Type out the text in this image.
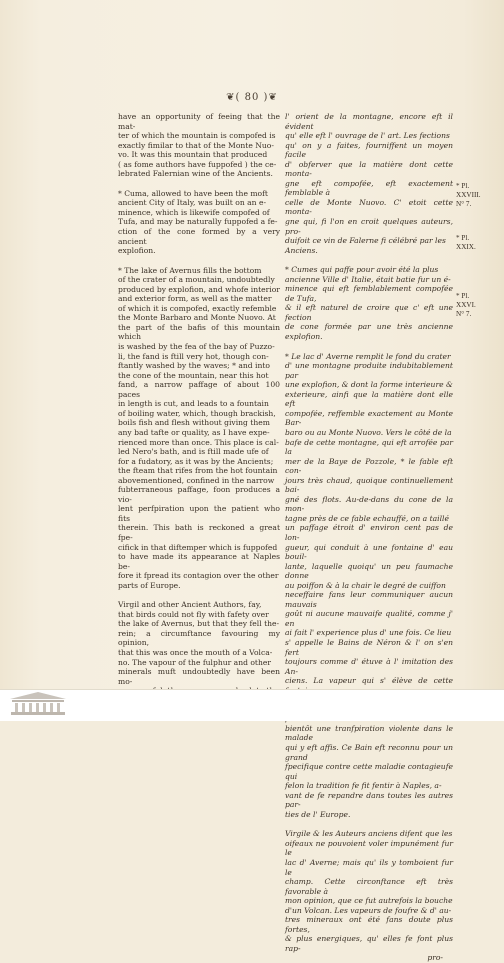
❦( 80 )❦

have an opportunity of feeing that the mat-

ter of which the mountain is compofed is

exactly fimilar to that of the Monte Nuo-

vo. It was this mountain that produced

( as fome authors have fuppofed ) the ce-

lebrated Falernian wine of the Ancients.

* Cuma, allowed to have been the moft

ancient City of Italy, was built on an e-

minence, which is likewife compofed of

Tufa, and may be naturally fuppofed a fe-

ction of the cone formed by a very ancient

explofion.

* The lake of Avernus fills the bottom

of the crater of a mountain, undoubtedly

produced by explofion, and whofe interior

and exterior form, as well as the matter

of which it is compofed, exactly refemble

the Monte Barbaro and Monte Nuovo. At

the part of the bafis of this mountain which

is washed by the fea of the bay of Puzzo-

li, the fand is ftill very hot, though con-

ftantly washed by the waves; * and into

the cone of the mountain, near this hot

fand, a narrow paffage of about 100 paces

in length is cut, and leads to a fountain

of boiling water, which, though brackish,

boils fish and flesh without giving them

any bad tafte or quality, as I have expe-

rienced more than once. This place is cal-

led Nero's bath, and is ftill made ufe of

for a fudatory, as it was by the Ancients;

the fteam that rifes from the hot fountain

abovementioned, confined in the narrow

fubterraneous paffage, foon produces a vio-

lent perfpiration upon the patient who fits

therein. This bath is reckoned a great fpe-

cifick in that diftemper which is fuppofed

to have made its appearance at Naples be-

fore it fpread its contagion over the other

parts of Europe.

Virgil and other Ancient Authors, fay,

that birds could not fly with fafety over

the lake of Avernus, but that they fell the-

rein; a circumftance favouring my opinion,

that this was once the mouth of a Volca-

no. The vapour of the fulphur and other

minerals muft undoubtedly have been mo-

l' orient de la montagne, encore eft il évident

qu' elle eft l' ouvrage de l' art. Les fections

qu' on y a faites, fourniffent un moyen facile

d' obferver que la matière dont cette monta-

gne eft compofée, eft exactement femblable à

celle de Monte Nuovo. C' etoit cette monta-

gne qui, fi l'on en croit quelques auteurs, pro-

duifoit ce vin de Falerne fi célébré par les

Anciens.

* Cumes qui paffe pour avoir été la plus

ancienne Ville d' Italie, était batie fur un é-

minence qui eft femblablement compofée de Tufa,

& il eft naturel de croire que c' eft une fection

de cone formée par une très ancienne explofion.

* Le lac d' Averne remplit le fond du crater

d' une montagne produite indubitablement par

une explofion, & dont la forme interieure &

exterieure, ainfi que la matière dont elle eft

compofée, reffemble exactement au Monte Bar-

baro ou au Monte Nuovo. Vers le côté de la

bafe de cette montagne, qui eft arrofée par la

mer de la Baye de Pozzole, * le fable eft con-

jours très chaud, quoique continuellement bai-

gné des flots. Au-de-dans du cone de la mon-

tagne près de ce fable echauffé, on a taillé

un paffage étroit d' environ cent pas de lon-

gueur, qui conduit à une fontaine d' eau bouil-

lante, laquelle quoiqu' un peu faumache donne

au poiffon & à la chair le degré de cuiffon

neceffaire fans leur communiquer aucun mauvais

goût ni aucune mauvaife qualité, comme j' en

ai fait l' experience plus d' une fois. Ce lieu

s' appelle le Bains de Néron & l' on s'en fert

toujours comme d' étuve à l' imitation des An-

ciens. La vapeur qui s' élève de cette

bientôt une tranfpiration violente dans le malade

qui y eft affis. Ce Bain eft reconnu pour un grand

fpecifique contre cette maladie contagieufe qui

felon la tradition fe fit fentir à Naples, a-

vant de fe repandre dans toutes les autres par-

ties de l' Europe.

Virgile & les Auteurs anciens difent que les

oifeaux ne pouvoient voler impunément fur le

lac d' Averne; mais qu' ils y tomboient fur le

champ. Cette circonftance eft très favorable à

mon opinion, que ce fut autrefois la bouche

d'un Volcan. Les vapeurs de foufre & d' au-

tres mineraux ont été fans doute plus fortes,

& plus energiques, qu' elles fe font plus rap-

pro-

* Pl.
XXVIII.
N° 7.
* Pl.
XXIX.
* Pl.
XXVI.
N° 7.
